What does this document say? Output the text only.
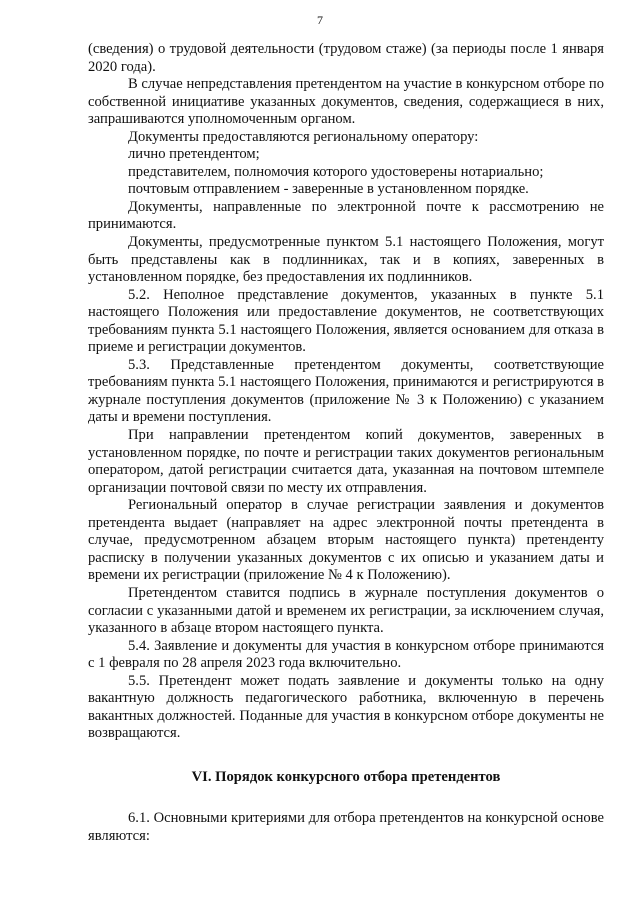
7

(сведения) о трудовой деятельности (трудовом стаже) (за периоды после 1 января 2020 года).

В случае непредставления претендентом на участие в конкурсном отборе по собственной инициативе указанных документов, сведения, содержащиеся в них, запрашиваются уполномоченным органом.

Документы предоставляются региональному оператору:

лично претендентом;

представителем, полномочия которого удостоверены нотариально;

почтовым отправлением - заверенные в установленном порядке.

Документы, направленные по электронной почте к рассмотрению не принимаются.

Документы, предусмотренные пунктом 5.1 настоящего Положения, могут быть представлены как в подлинниках, так и в копиях, заверенных в установленном порядке, без предоставления их подлинников.

5.2. Неполное представление документов, указанных в пункте 5.1 настоящего Положения или предоставление документов, не соответствующих требованиям пункта 5.1 настоящего Положения, является основанием для отказа в приеме и регистрации документов.

5.3. Представленные претендентом документы, соответствующие требованиям пункта 5.1 настоящего Положения, принимаются и регистрируются в журнале поступления документов (приложение № 3 к Положению) с указанием даты и времени поступления.

При направлении претендентом копий документов, заверенных в установленном порядке, по почте и регистрации таких документов региональным оператором, датой регистрации считается дата, указанная на почтовом штемпеле организации почтовой связи по месту их отправления.

Региональный оператор в случае регистрации заявления и документов претендента выдает (направляет на адрес электронной почты претендента в случае, предусмотренном абзацем вторым настоящего пункта) претенденту расписку в получении указанных документов с их описью и указанием даты и времени их регистрации (приложение № 4 к Положению).

Претендентом ставится подпись в журнале поступления документов о согласии с указанными датой и временем их регистрации, за исключением случая, указанного в абзаце втором настоящего пункта.

5.4. Заявление и документы для участия в конкурсном отборе принимаются с 1 февраля по 28 апреля 2023 года включительно.

5.5. Претендент может подать заявление и документы только на одну вакантную должность педагогического работника, включенную в перечень вакантных должностей. Поданные для участия в конкурсном отборе документы не возвращаются.

VI. Порядок конкурсного отбора претендентов

6.1. Основными критериями для отбора претендентов на конкурсной основе являются:
